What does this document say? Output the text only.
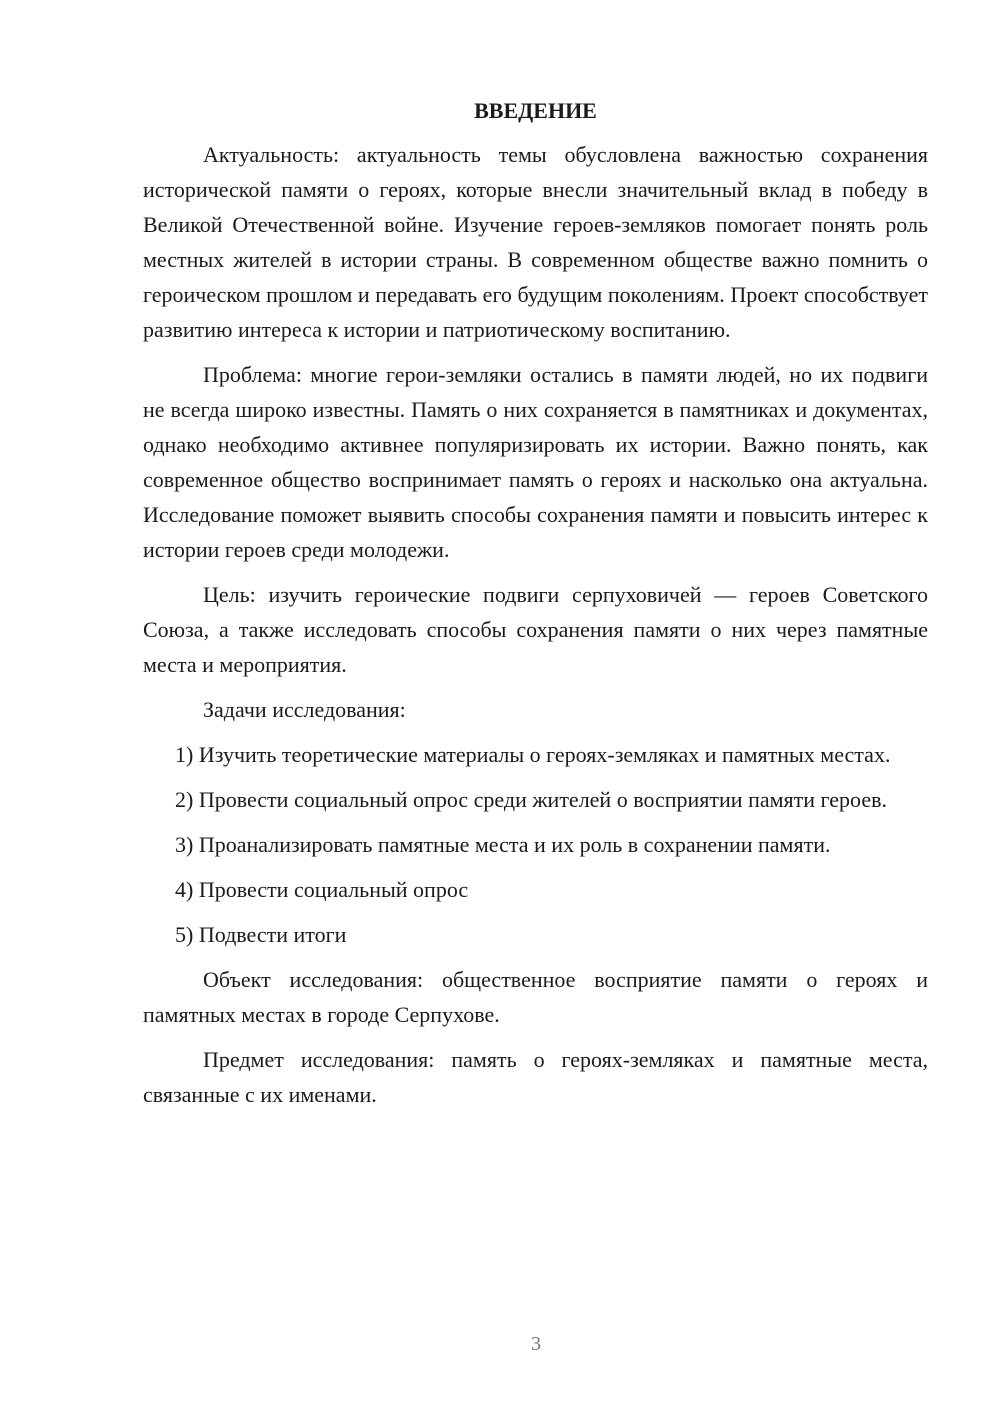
ВВЕДЕНИЕ

Актуальность: актуальность темы обусловлена важностью сохранения исторической памяти о героях, которые внесли значительный вклад в победу в Великой Отечественной войне. Изучение героев-земляков помогает понять роль местных жителей в истории страны. В современном обществе важно помнить о героическом прошлом и передавать его будущим поколениям. Проект способствует развитию интереса к истории и патриотическому воспитанию.

Проблема: многие герои-земляки остались в памяти людей, но их подвиги не всегда широко известны. Память о них сохраняется в памятниках и документах, однако необходимо активнее популяризировать их истории. Важно понять, как современное общество воспринимает память о героях и насколько она актуальна. Исследование поможет выявить способы сохранения памяти и повысить интерес к истории героев среди молодежи.

Цель: изучить героические подвиги серпуховичей — героев Советского Союза, а также исследовать способы сохранения памяти о них через памятные места и мероприятия.

Задачи исследования:

1) Изучить теоретические материалы о героях-земляках и памятных местах.

2) Провести социальный опрос среди жителей о восприятии памяти героев.

3) Проанализировать памятные места и их роль в сохранении памяти.

4) Провести социальный опрос

5) Подвести итоги

Объект исследования: общественное восприятие памяти о героях и памятных местах в городе Серпухове.

Предмет исследования: память о героях-земляках и памятные места, связанные с их именами.

3
